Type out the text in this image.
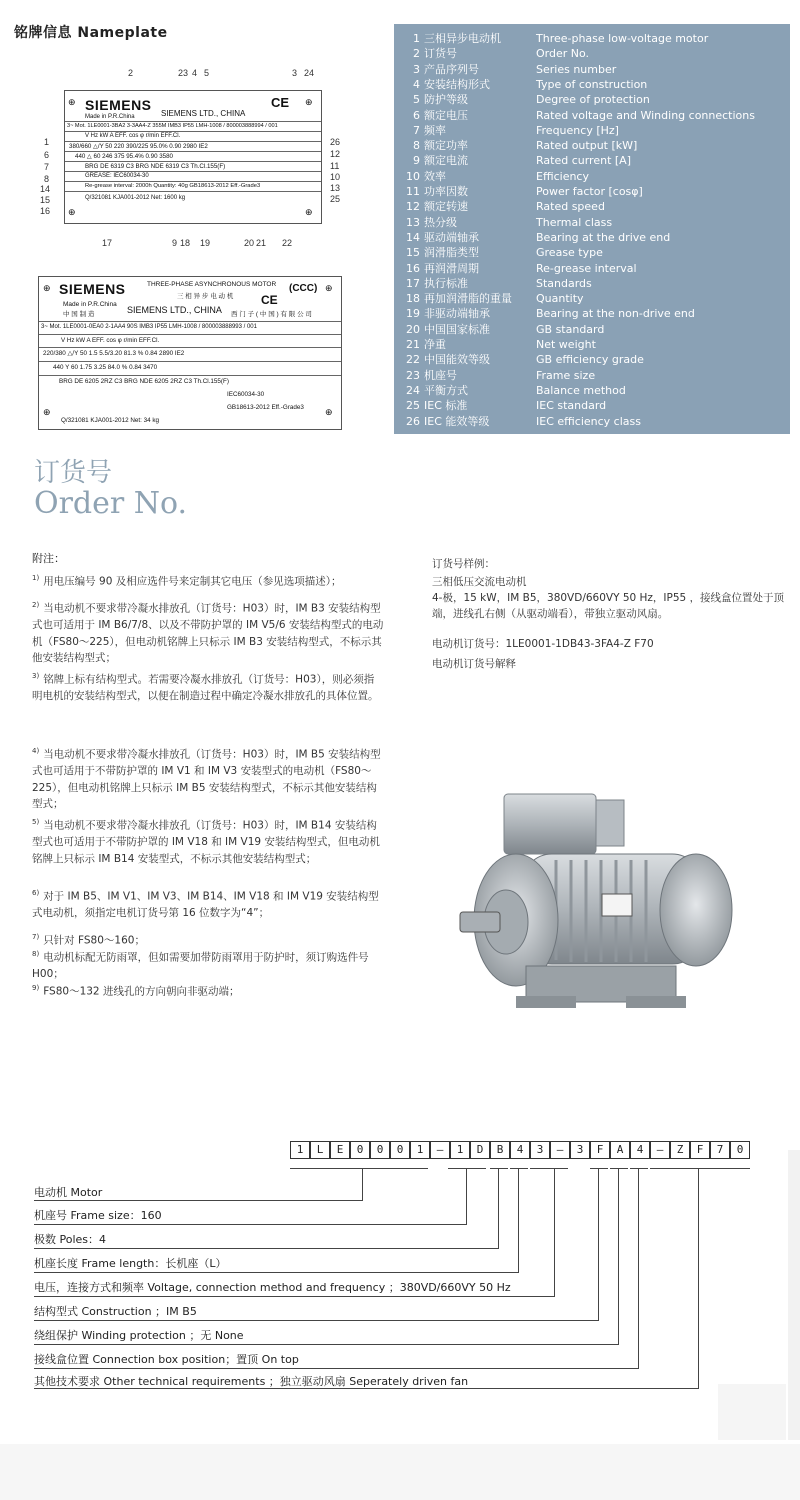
铭牌信息 Nameplate
⊕ SIEMENS
Made in P.R.China	SIEMENS LTD., CHINA
CE ⊕
3~ Mot. 1LE0001-3BA2 3-3AA4-Z 355M IMB3 IP55 LMH-1008 / 800003888994 / 001
V Hz kW A EFF. cos φ r/min EFF.Cl.
380/660 △/Y 50 220 390/225 95.0% 0.90 2980 IE2
440 △ 60 246 375 95.4% 0.90 3580
BRG DE 6319 C3 BRG NDE 6319 C3 Th.Cl.155(F)
GREASE: IEC60034-30
Re-grease interval: 2000h Quantity: 40g GB18613-2012 Eff.-Grade3
Q/321081 KJA001-2012 Net: 1600 kg
⊕	⊕
2	23 4 5	3 24
1
6
7
8
14
15
16
26
12
11
10
13
25
17	9 18 19	20 21 22
⊕ SIEMENS	THREE-PHASE ASYNCHRONOUS MOTOR
三 相 异 步 电 动 机
(CCC) ⊕
Made in P.R.China
中 国 制 造
CE
SIEMENS LTD., CHINA 西 门 子 ( 中 国 ) 有 限 公 司
3~ Mot. 1LE0001-0EA0 2-1AA4 90S IMB3 IP55 LMH-1008 / 800003888993 / 001
V Hz kW A EFF. cos φ r/min EFF.Cl.
220/380 △/Y 50 1.5 5.5/3.20 81.3 % 0.84 2890 IE2
440 Y 60 1.75 3.25 84.0 % 0.84 3470
BRG DE 6205 2RZ C3 BRG NDE 6205 2RZ C3 Th.Cl.155(F)
IEC60034-30
GB18613-2012 Eff.-Grade3
Q/321081 KJA001-2012 Net: 34 kg
⊕	⊕
1 三相异步电动机	Three-phase low-voltage motor
2 订货号	Order No.
3 产品序列号	Series number
4 安装结构形式	Type of construction
5 防护等级	Degree of protection
6 额定电压	Rated voltage and Winding connections
7 频率	Frequency [Hz]
8 额定功率	Rated output [kW]
9 额定电流	Rated current [A]
10 效率	Efficiency
11 功率因数	Power factor [cosφ]
12 额定转速	Rated speed
13 热分级	Thermal class
14 驱动端轴承	Bearing at the drive end
15 润滑脂类型	Grease type
16 再润滑周期	Re-grease interval
17 执行标准	Standards
18 再加润滑脂的重量 Quantity
19 非驱动端轴承	Bearing at the non-drive end
20 中国国家标准	GB standard
21 净重	Net weight
22 中国能效等级	GB efficiency grade
23 机座号	Frame size
24 平衡方式	Balance method
25 IEC 标准	IEC standard
26 IEC 能效等级	IEC efficiency class
订货号
Order No.
附注：
$^{1)}$ 用电压编号 90 及相应选件号来定制其它电压（参见选项描述）；
$^{2)}$ 当电动机不要求带冷凝水排放孔（订货号：H03）时，IM B3 安装结构型式也可适用于 IM B6/7/8、以及不带防护罩的 IM V5/6 安装结构型式的电动机（FS80～225），但电动机铭牌上只标示 IM B3 安装结构型式，不标示其他安装结构型式；
$^{3)}$ 铭牌上标有结构型式。若需要冷凝水排放孔（订货号：H03），则必须指明电机的安装结构型式，以便在制造过程中确定冷凝水排放孔的具体位置。
$^{4)}$ 当电动机不要求带冷凝水排放孔（订货号：H03）时，IM B5 安装结构型式也可适用于不带防护罩的 IM V1 和 IM V3 安装型式的电动机（FS80～225），但电动机铭牌上只标示 IM B5 安装结构型式，不标示其他安装结构型式；
$^{5)}$ 当电动机不要求带冷凝水排放孔（订货号：H03）时，IM B14 安装结构型式也可适用于不带防护罩的 IM V18 和 IM V19 安装结构型式，但电动机铭牌上只标示 IM B14 安装型式，不标示其他安装结构型式；
$^{6)}$ 对于 IM B5、IM V1、IM V3、IM B14、IM V18 和 IM V19 安装结构型式电动机，须指定电机订货号第 16 位数字为“4”；
$^{7)}$ 只针对 FS80～160；
$^{8)}$ 电动机标配无防雨罩，但如需要加带防雨罩用于防护时，须订购选件号 H00；
$^{9)}$ FS80～132 进线孔的方向朝向非驱动端；
订货号样例：
三相低压交流电动机
4-极，15 kW，IM B5，380VD/660VY 50 Hz，IP55 ，接线盒位置处于顶端，进线孔右侧（从驱动端看），带独立驱动风扇。
电动机订货号：1LE0001-1DB43-3FA4-Z F70
电动机订货号解释
1	L	E	0	0	0	1	–	1	D	B	4	3	–	3	F	A	4	–	Z	F	7	0
电动机 Motor
机座号 Frame size：160
极数 Poles：4
机座长度 Frame length：长机座（L）
电压，连接方式和频率 Voltage, connection method and frequency ；380VD/660VY 50 Hz
结构型式 Construction ；IM B5
绕组保护 Winding protection ；无 None
接线盒位置 Connection box position；置顶 On top
其他技术要求 Other technical requirements ；独立驱动风扇 Seperately driven fan
